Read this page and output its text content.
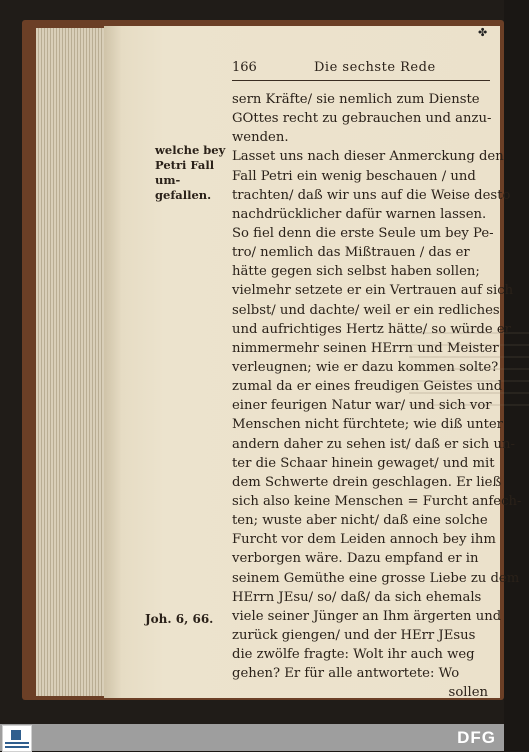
✤
166	Die sechste Rede
welche bey
Petri Fall um-
gefallen.
Joh. 6, 66.
sern Kräfte/ sie nemlich zum Dienste
GOttes recht zu gebrauchen und anzu-
wenden.
Lasset uns nach dieser Anmerckung den
Fall Petri ein wenig beschauen / und
trachten/ daß wir uns auf die Weise desto
nachdrücklicher dafür warnen lassen.
So fiel denn die erste Seule um bey Pe-
tro/ nemlich das Mißtrauen / das er
hätte gegen sich selbst haben sollen;
vielmehr setzete er ein Vertrauen auf sich
selbst/ und dachte/ weil er ein redliches
und aufrichtiges Hertz hätte/ so würde er
nimmermehr seinen HErrn und Meister
verleugnen; wie er dazu kommen solte?
zumal da er eines freudigen Geistes und
einer feurigen Natur war/ und sich vor
Menschen nicht fürchtete; wie diß unter
andern daher zu sehen ist/ daß er sich un-
ter die Schaar hinein gewaget/ und mit
dem Schwerte drein geschlagen. Er ließ
sich also keine Menschen = Furcht anfech-
ten; wuste aber nicht/ daß eine solche
Furcht vor dem Leiden annoch bey ihm
verborgen wäre. Dazu empfand er in
seinem Gemüthe eine grosse Liebe zu dem
HErrn JEsu/ so/ daß/ da sich ehemals
viele seiner Jünger an Ihm ärgerten und
zurück giengen/ und der HErr JEsus
die zwölfe fragte: Wolt ihr auch weg
gehen? Er für alle antwortete: Wo
sollen
DFG
